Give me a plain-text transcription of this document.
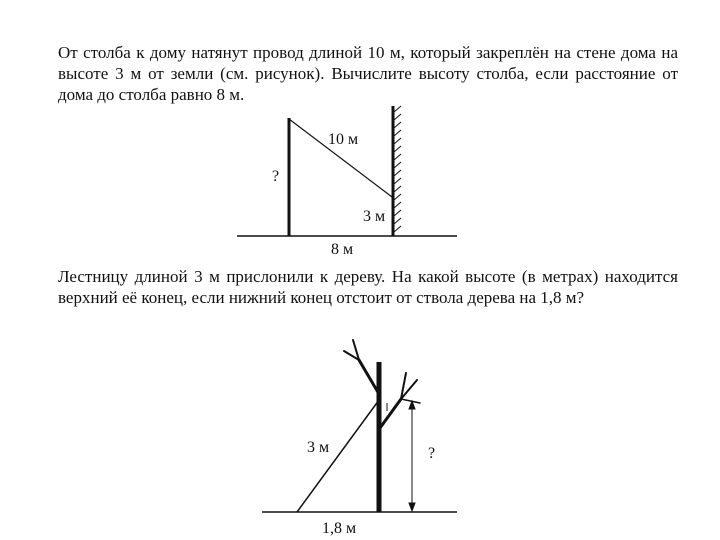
От столба к дому натянут провод длиной 10 м, который закреплён на стене дома на высоте 3 м от земли (см. рисунок). Вычислите высоту столба, если расстояние от дома до столба равно 8 м.

10 м
?
3 м
8 м

Лестницу длиной 3 м прислонили к дереву. На какой высоте (в метрах) находится верхний её конец, если нижний конец отстоит от ствола дерева на 1,8 м?

3 м	?
1,8 м
